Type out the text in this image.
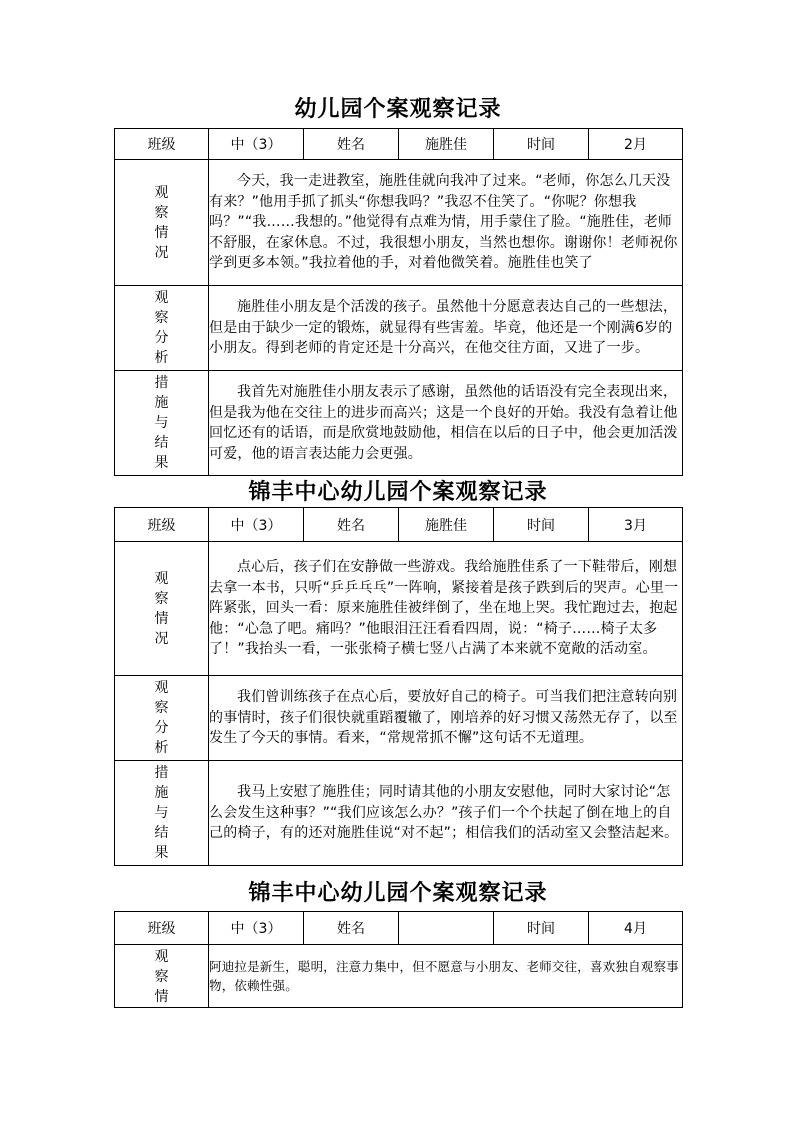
幼儿园个案观察记录
班级	中（3）	姓名	施胜佳	时间	2月

观察情况	今天，我一走进教室，施胜佳就向我冲了过来。“老师，你怎么几天没有来？”他用手抓了抓头“你想我吗？”我忍不住笑了。“你呢？你想我吗？”“我……我想的。”他觉得有点难为情，用手蒙住了脸。“施胜佳，老师不舒服，在家休息。不过，我很想小朋友，当然也想你。谢谢你！老师祝你学到更多本领。”我拉着他的手，对着他微笑着。施胜佳也笑了				

观察分析	施胜佳小朋友是个活泼的孩子。虽然他十分愿意表达自己的一些想法，但是由于缺少一定的锻炼，就显得有些害羞。毕竟，他还是一个刚满6岁的小朋友。得到老师的肯定还是十分高兴，在他交往方面，又进了一步。				

措施与结果	我首先对施胜佳小朋友表示了感谢，虽然他的话语没有完全表现出来，但是我为他在交往上的进步而高兴；这是一个良好的开始。我没有急着让他回忆还有的话语，而是欣赏地鼓励他，相信在以后的日子中，他会更加活泼可爱，他的语言表达能力会更强。				
锦丰中心幼儿园个案观察记录
班级	中（3）	姓名	施胜佳	时间	3月

观察情况	点心后，孩子们在安静做一些游戏。我给施胜佳系了一下鞋带后，刚想去拿一本书，只听“乒乒乓乓”一阵响，紧接着是孩子跌到后的哭声。心里一阵紧张，回头一看：原来施胜佳被绊倒了，坐在地上哭。我忙跑过去，抱起他：“心急了吧。痛吗？”他眼泪汪汪看看四周，说：“椅子……椅子太多了！”我抬头一看，一张张椅子横七竖八占满了本来就不宽敞的活动室。				

观察分析	我们曾训练孩子在点心后，要放好自己的椅子。可当我们把注意转向别的事情时，孩子们很快就重蹈覆辙了，刚培养的好习惯又荡然无存了，以至发生了今天的事情。看来，“常规常抓不懈”这句话不无道理。				

措施与结果	我马上安慰了施胜佳；同时请其他的小朋友安慰他，同时大家讨论“怎么会发生这种事？”“我们应该怎么办？”孩子们一个个扶起了倒在地上的自己的椅子，有的还对施胜佳说“对不起”；相信我们的活动室又会整洁起来。				
锦丰中心幼儿园个案观察记录
班级	中（3）	姓名		时间	4月

观察情	阿迪拉是新生，聪明，注意力集中，但不愿意与小朋友、老师交往，喜欢独自观察事物，依赖性强。				
